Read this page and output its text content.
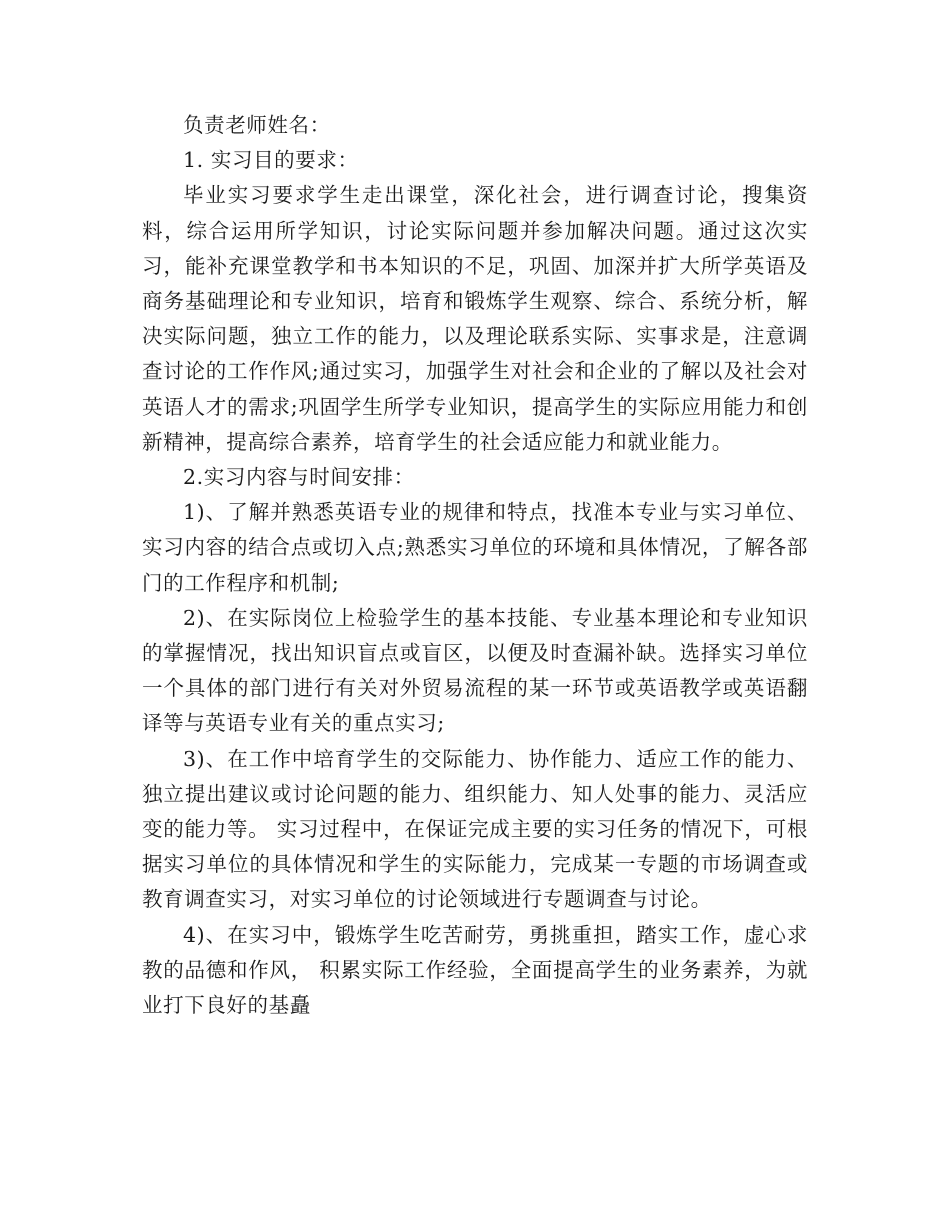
负责老师姓名：

1. 实习目的要求：

毕业实习要求学生走出课堂，深化社会，进行调查讨论，搜集资料，综合运用所学知识，讨论实际问题并参加解决问题。通过这次实习，能补充课堂教学和书本知识的不足，巩固、加深并扩大所学英语及商务基础理论和专业知识，培育和锻炼学生观察、综合、系统分析，解决实际问题，独立工作的能力，以及理论联系实际、实事求是，注意调查讨论的工作作风;通过实习，加强学生对社会和企业的了解以及社会对英语人才的需求;巩固学生所学专业知识，提高学生的实际应用能力和创新精神，提高综合素养，培育学生的社会适应能力和就业能力。

2.实习内容与时间安排：

1)、了解并熟悉英语专业的规律和特点，找准本专业与实习单位、实习内容的结合点或切入点;熟悉实习单位的环境和具体情况，了解各部门的工作程序和机制;

2)、在实际岗位上检验学生的基本技能、专业基本理论和专业知识的掌握情况，找出知识盲点或盲区，以便及时查漏补缺。选择实习单位一个具体的部门进行有关对外贸易流程的某一环节或英语教学或英语翻译等与英语专业有关的重点实习;

3)、在工作中培育学生的交际能力、协作能力、适应工作的能力、独立提出建议或讨论问题的能力、组织能力、知人处事的能力、灵活应变的能力等。 实习过程中，在保证完成主要的实习任务的情况下，可根据实习单位的具体情况和学生的实际能力，完成某一专题的市场调查或教育调查实习，对实习单位的讨论领域进行专题调查与讨论。

4)、在实习中，锻炼学生吃苦耐劳，勇挑重担，踏实工作，虚心求教的品德和作风， 积累实际工作经验，全面提高学生的业务素养，为就业打下良好的基矗
